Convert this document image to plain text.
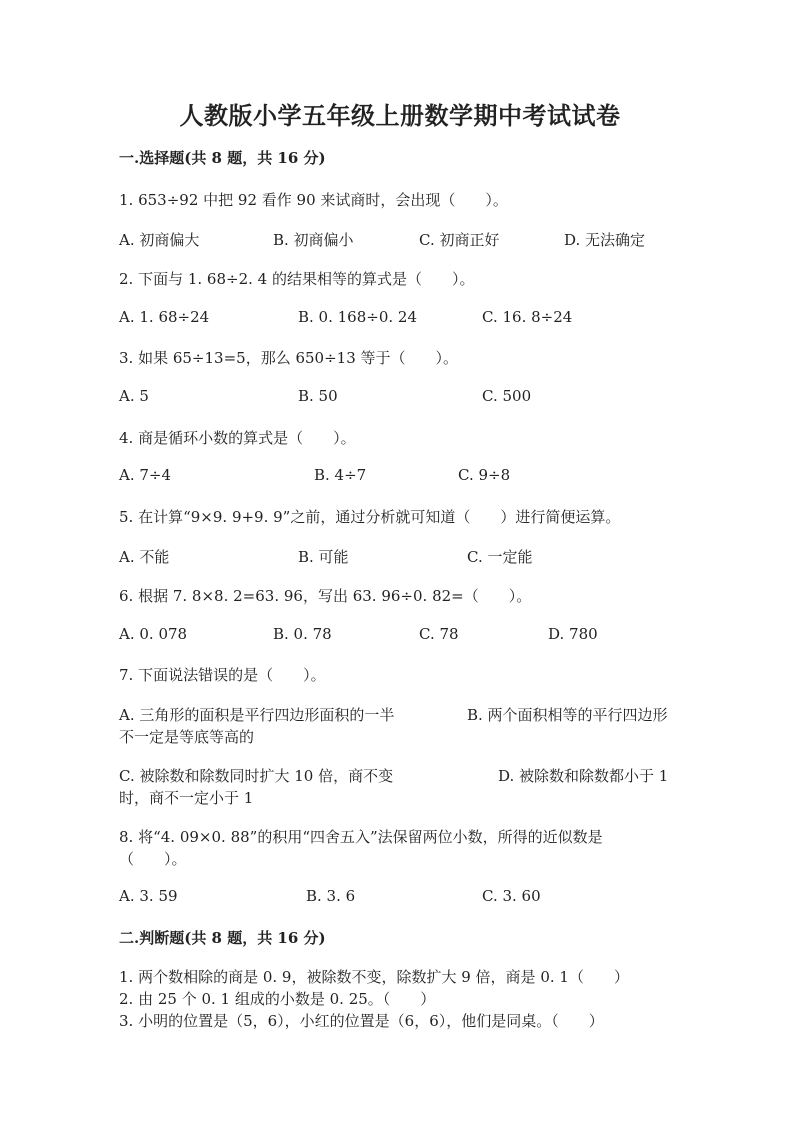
人教版小学五年级上册数学期中考试试卷
一.选择题(共 8 题，共 16 分)
1. 653÷92 中把 92 看作 90 来试商时，会出现（　　）。
A. 初商偏大	B. 初商偏小	C. 初商正好	D. 无法确定
2. 下面与 1. 68÷2. 4 的结果相等的算式是（　　）。
A. 1. 68÷24	B. 0. 168÷0. 24	C. 16. 8÷24
3. 如果 65÷13=5，那么 650÷13 等于（　　）。
A. 5	B. 50	C. 500
4. 商是循环小数的算式是（　　）。
A. 7÷4	B. 4÷7	C. 9÷8
5. 在计算“9×9. 9+9. 9”之前，通过分析就可知道（　　）进行简便运算。
A. 不能	B. 可能	C. 一定能
6. 根据 7. 8×8. 2=63. 96，写出 63. 96÷0. 82=（　　）。
A. 0. 078	B. 0. 78	C. 78	D. 780
7. 下面说法错误的是（　　）。
A. 三角形的面积是平行四边形面积的一半	B. 两个面积相等的平行四边形
不一定是等底等高的
C. 被除数和除数同时扩大 10 倍，商不变	D. 被除数和除数都小于 1
时，商不一定小于 1
8. 将“4. 09×0. 88”的积用“四舍五入”法保留两位小数，所得的近似数是
（　　）。
A. 3. 59	B. 3. 6	C. 3. 60
二.判断题(共 8 题，共 16 分)
1. 两个数相除的商是 0. 9，被除数不变，除数扩大 9 倍，商是 0. 1（　　）
2. 由 25 个 0. 1 组成的小数是 0. 25。（　　）
3. 小明的位置是（5，6），小红的位置是（6，6），他们是同桌。（　　）
